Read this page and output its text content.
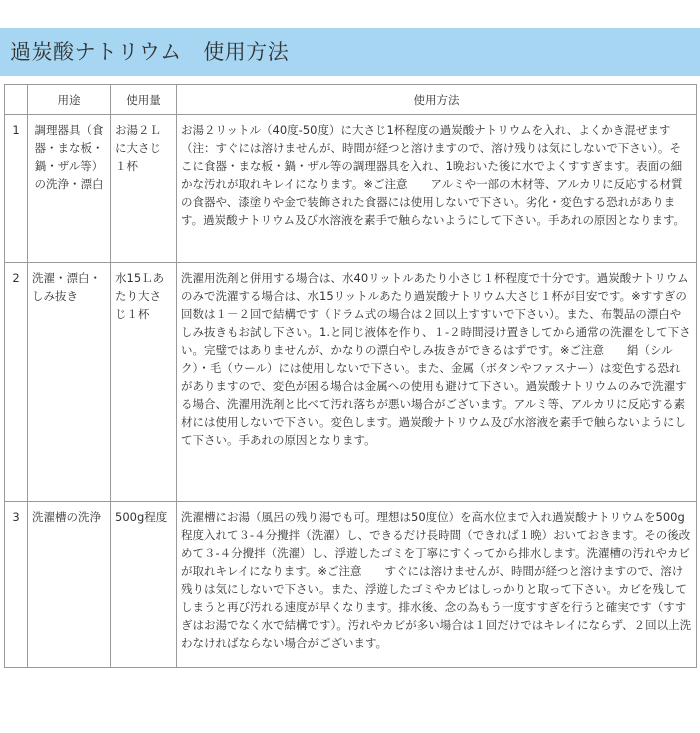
過炭酸ナトリウム　使用方法
	用途	使用量	使用方法
1	調理器具（食器・まな板・鍋・ザル等）の洗浄・漂白	お湯２Ｌに大さじ１杯	お湯２リットル（40度-50度）に大さじ1杯程度の過炭酸ナトリウムを入れ、よくかき混ぜます（注：すぐには溶けませんが、時間が経つと溶けますので、溶け残りは気にしないで下さい）。そこに食器・まな板・鍋・ザル等の調理器具を入れ、1晩おいた後に水でよくすすぎます。表面の細かな汚れが取れキレイになります。※ご注意　　アルミや一部の木材等、アルカリに反応する材質の食器や、漆塗りや金で装飾された食器には使用しないで下さい。劣化・変色する恐れがあります。過炭酸ナトリウム及び水溶液を素手で触らないようにして下さい。手あれの原因となります。
2	洗濯・漂白・しみ抜き	水15Ｌあたり大さじ１杯	洗濯用洗剤と併用する場合は、水40リットルあたり小さじ１杯程度で十分です。過炭酸ナトリウムのみで洗濯する場合は、水15リットルあたり過炭酸ナトリウム大さじ１杯が目安です。※すすぎの回数は１－２回で結構です（ドラム式の場合は２回以上すすいで下さい）。また、布製品の漂白やしみ抜きもお試し下さい。1.と同じ液体を作り、１-２時間浸け置きしてから通常の洗濯をして下さい。完璧ではありませんが、かなりの漂白やしみ抜きができるはずです。※ご注意　　絹（シルク）・毛（ウール）には使用しないで下さい。また、金属（ボタンやファスナー）は変色する恐れがありますので、変色が困る場合は金属への使用も避けて下さい。過炭酸ナトリウムのみで洗濯する場合、洗濯用洗剤と比べて汚れ落ちが悪い場合がございます。アルミ等、アルカリに反応する素材には使用しないで下さい。変色します。過炭酸ナトリウム及び水溶液を素手で触らないようにして下さい。手あれの原因となります。
3	洗濯槽の洗浄	500g程度	洗濯槽にお湯（風呂の残り湯でも可。理想は50度位）を高水位まで入れ過炭酸ナトリウムを500g程度入れて３-４分攪拌（洗濯）し、できるだけ長時間（できれば１晩）おいておきます。その後改めて３-４分攪拌（洗濯）し、浮遊したゴミを丁寧にすくってから排水します。洗濯槽の汚れやカビが取れキレイになります。※ご注意　　すぐには溶けませんが、時間が経つと溶けますので、溶け残りは気にしないで下さい。また、浮遊したゴミやカビはしっかりと取って下さい。カビを残してしまうと再び汚れる速度が早くなります。排水後、念の為もう一度すすぎを行うと確実です（すすぎはお湯でなく水で結構です）。汚れやカビが多い場合は１回だけではキレイにならず、２回以上洗わなければならない場合がございます。
